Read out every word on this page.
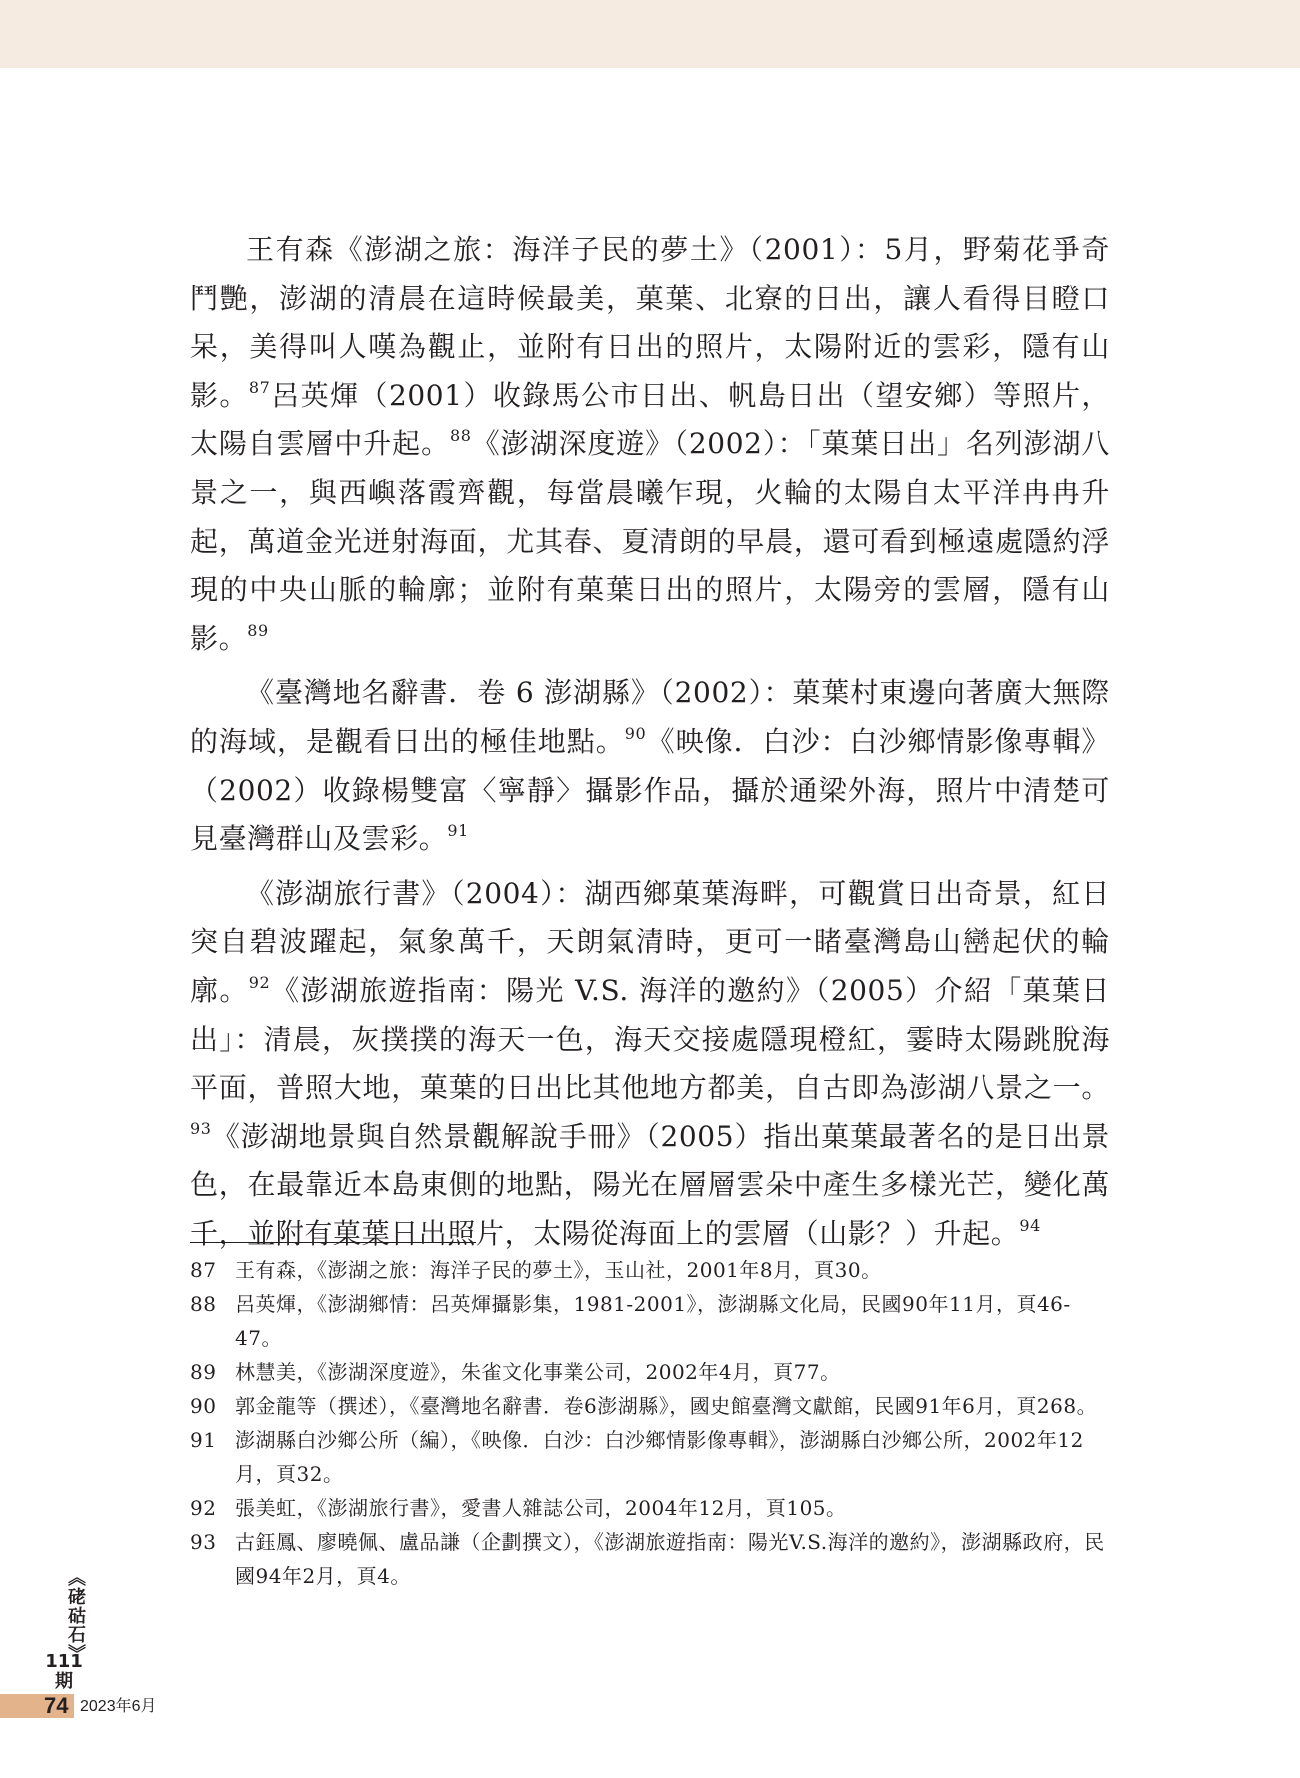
王有森《澎湖之旅：海洋子民的夢土》（2001）：5月，野菊花爭奇鬥艷，澎湖的清晨在這時候最美，菓葉、北寮的日出，讓人看得目瞪口呆，美得叫人嘆為觀止，並附有日出的照片，太陽附近的雲彩，隱有山影。$^{87}$呂英煇（2001）收錄馬公市日出、帆島日出（望安鄉）等照片，太陽自雲層中升起。$^{88}$《澎湖深度遊》（2002）：「菓葉日出」名列澎湖八景之一，與西嶼落霞齊觀，每當晨曦乍現，火輪的太陽自太平洋冉冉升起，萬道金光迸射海面，尤其春、夏清朗的早晨，還可看到極遠處隱約浮現的中央山脈的輪廓；並附有菓葉日出的照片，太陽旁的雲層，隱有山影。$^{89}$

《臺灣地名辭書．卷 6 澎湖縣》（2002）：菓葉村東邊向著廣大無際的海域，是觀看日出的極佳地點。$^{90}$《映像．白沙：白沙鄉情影像專輯》（2002）收錄楊雙富〈寧靜〉攝影作品，攝於通梁外海，照片中清楚可見臺灣群山及雲彩。$^{91}$

《澎湖旅行書》（2004）：湖西鄉菓葉海畔，可觀賞日出奇景，紅日突自碧波躍起，氣象萬千，天朗氣清時，更可一睹臺灣島山巒起伏的輪廓。$^{92}$《澎湖旅遊指南：陽光 V.S. 海洋的邀約》（2005）介紹「菓葉日出」：清晨，灰撲撲的海天一色，海天交接處隱現橙紅，霎時太陽跳脫海平面，普照大地，菓葉的日出比其他地方都美，自古即為澎湖八景之一。$^{93}$《澎湖地景與自然景觀解說手冊》（2005）指出菓葉最著名的是日出景色，在最靠近本島東側的地點，陽光在層層雲朵中產生多樣光芒，變化萬千，並附有菓葉日出照片，太陽從海面上的雲層（山影？）升起。$^{94}$

87 王有森，《澎湖之旅：海洋子民的夢土》，玉山社，2001年8月，頁30。
88 呂英煇，《澎湖鄉情：呂英煇攝影集，1981-2001》，澎湖縣文化局，民國90年11月，頁46-47。
89 林慧美，《澎湖深度遊》，朱雀文化事業公司，2002年4月，頁77。
90 郭金龍等（撰述），《臺灣地名辭書．卷6澎湖縣》，國史館臺灣文獻館，民國91年6月，頁268。
91 澎湖縣白沙鄉公所（編），《映像．白沙：白沙鄉情影像專輯》，澎湖縣白沙鄉公所，2002年12月，頁32。
92 張美虹，《澎湖旅行書》，愛書人雜誌公司，2004年12月，頁105。
93 古鈺鳳、廖曉佩、盧品謙（企劃撰文），《澎湖旅遊指南：陽光V.S.海洋的邀約》，澎湖縣政府，民國94年2月，頁4。
《硓𥑮石》
111
期
74 2023年6月
